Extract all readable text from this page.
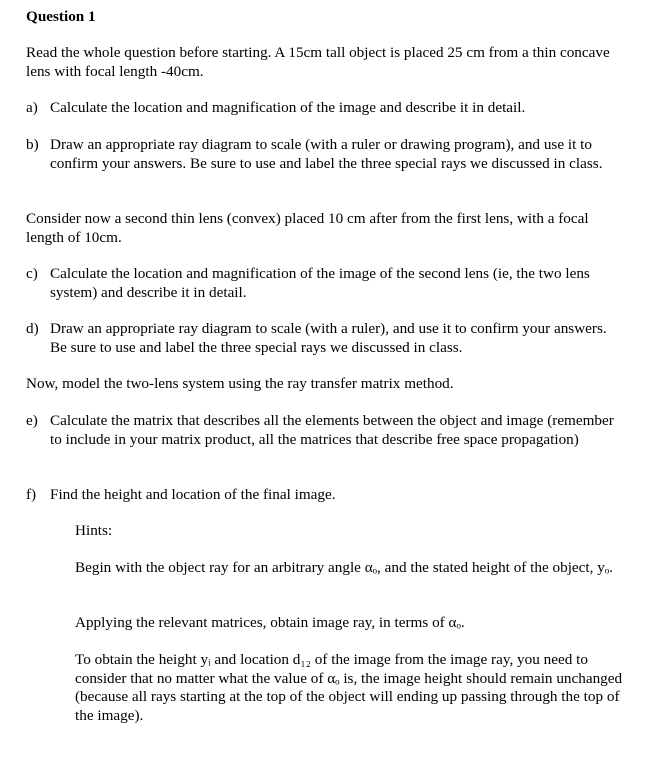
Question 1
Read the whole question before starting. A 15cm tall object is placed 25 cm from a thin concave lens with focal length -40cm.
a) Calculate the location and magnification of the image and describe it in detail.
b) Draw an appropriate ray diagram to scale (with a ruler or drawing program), and use it to confirm your answers. Be sure to use and label the three special rays we discussed in class.
Consider now a second thin lens (convex) placed 10 cm after from the first lens, with a focal length of 10cm.
c) Calculate the location and magnification of the image of the second lens (ie, the two lens system) and describe it in detail.
d) Draw an appropriate ray diagram to scale (with a ruler), and use it to confirm your answers. Be sure to use and label the three special rays we discussed in class.
Now, model the two-lens system using the ray transfer matrix method.
e) Calculate the matrix that describes all the elements between the object and image (remember to include in your matrix product, all the matrices that describe free space propagation)
f) Find the height and location of the final image.
Hints:
Begin with the object ray for an arbitrary angle αₒ, and the stated height of the object, yₒ.
Applying the relevant matrices, obtain image ray, in terms of αₒ.
To obtain the height yᵢ and location d₁₂ of the image from the image ray, you need to consider that no matter what the value of αₒ is, the image height should remain unchanged (because all rays starting at the top of the object will ending up passing through the top of the image).
